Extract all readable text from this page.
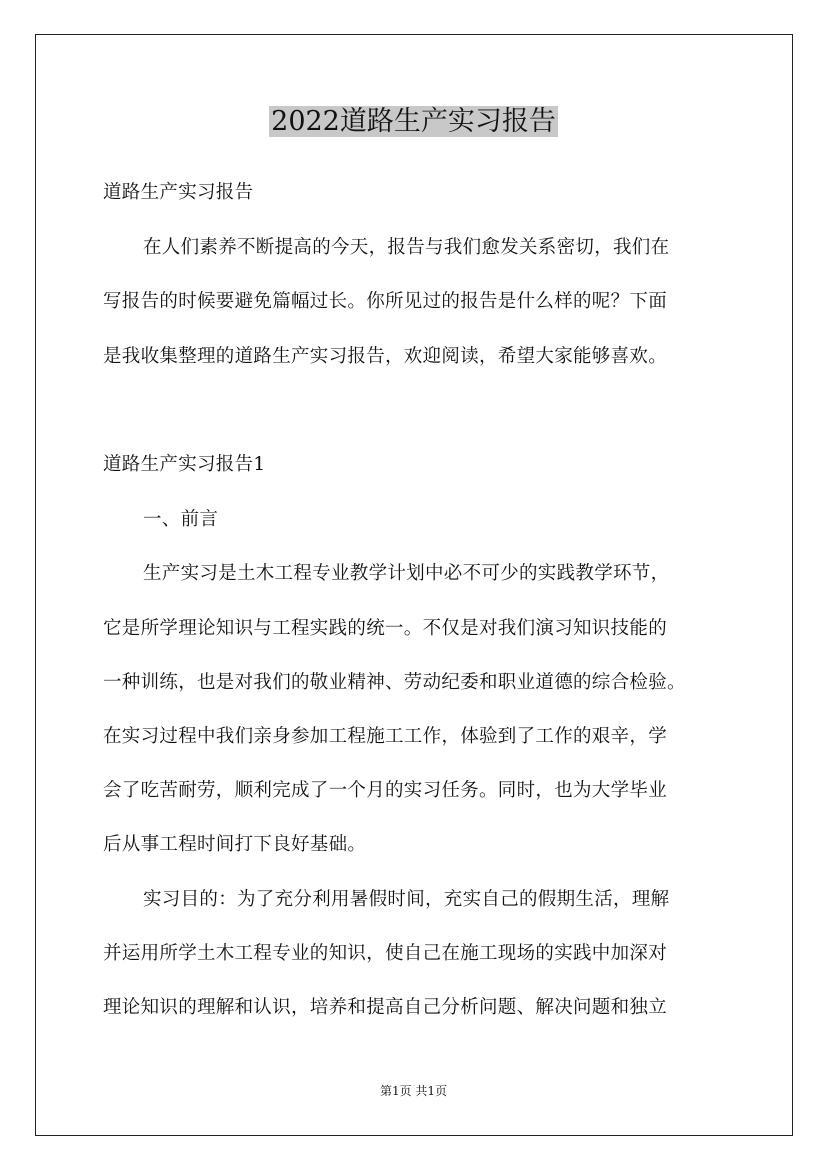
2022道路生产实习报告
道路生产实习报告
在人们素养不断提高的今天，报告与我们愈发关系密切，我们在
写报告的时候要避免篇幅过长。你所见过的报告是什么样的呢？下面
是我收集整理的道路生产实习报告，欢迎阅读，希望大家能够喜欢。
道路生产实习报告1
一、前言
生产实习是土木工程专业教学计划中必不可少的实践教学环节，
它是所学理论知识与工程实践的统一。不仅是对我们演习知识技能的
一种训练，也是对我们的敬业精神、劳动纪委和职业道德的综合检验。
在实习过程中我们亲身参加工程施工工作，体验到了工作的艰辛，学
会了吃苦耐劳，顺利完成了一个月的实习任务。同时，也为大学毕业
后从事工程时间打下良好基础。
实习目的：为了充分利用暑假时间，充实自己的假期生活，理解
并运用所学土木工程专业的知识，使自己在施工现场的实践中加深对
理论知识的理解和认识，培养和提高自己分析问题、解决问题和独立
第1页 共1页
